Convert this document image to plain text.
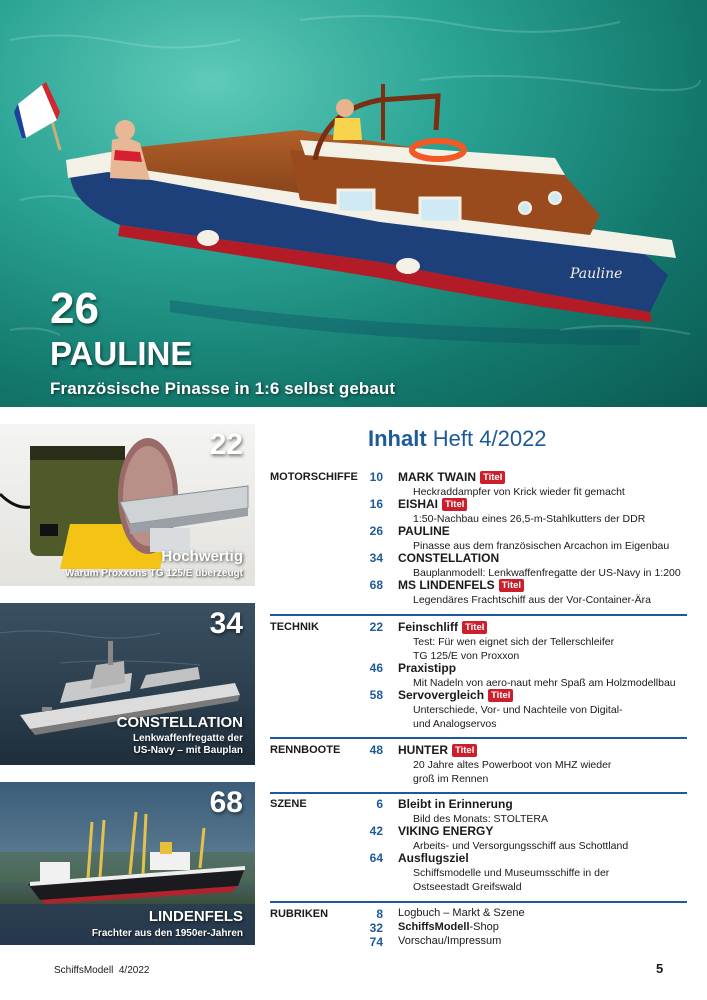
Pauline
26
PAULINE
Französische Pinasse in 1:6 selbst gebaut
22
Hochwertig
Warum Proxxons TG 125/E überzeugt
34
CONSTELLATION
Lenkwaffenfregatte der
US-Navy – mit Bauplan
68
LINDENFELS
Frachter aus den 1950er-Jahren
Inhalt Heft 4/2022
MOTORSCHIFFE 10 MARK TWAIN Titel
Heckraddampfer von Krick wieder fit gemacht
16 EISHAI Titel
1:50-Nachbau eines 26,5-m-Stahlkutters der DDR
26 PAULINE
Pinasse aus dem französischen Arcachon im Eigenbau
34 CONSTELLATION
Bauplanmodell: Lenkwaffenfregatte der US-Navy in 1:200
68 MS LINDENFELS Titel
Legendäres Frachtschiff aus der Vor-Container-Ära
TECHNIK	22 Feinschliff Titel
Test: Für wen eignet sich der Tellerschleifer
TG 125/E von Proxxon
46 Praxistipp
Mit Nadeln von aero-naut mehr Spaß am Holzmodellbau
58 Servovergleich Titel
Unterschiede, Vor- und Nachteile von Digital-
und Analogservos
RENNBOOTE	48 HUNTER Titel
20 Jahre altes Powerboot von MHZ wieder
groß im Rennen
SZENE	6 Bleibt in Erinnerung
Bild des Monats: STOLTERA
42 VIKING ENERGY
Arbeits- und Versorgungsschiff aus Schottland
64 Ausflugsziel
Schiffsmodelle und Museumsschiffe in der
Ostseestadt Greifswald
RUBRIKEN	8 Logbuch – Markt & Szene
32 SchiffsModell-Shop
74 Vorschau/Impressum
SchiffsModell 4/2022	5
